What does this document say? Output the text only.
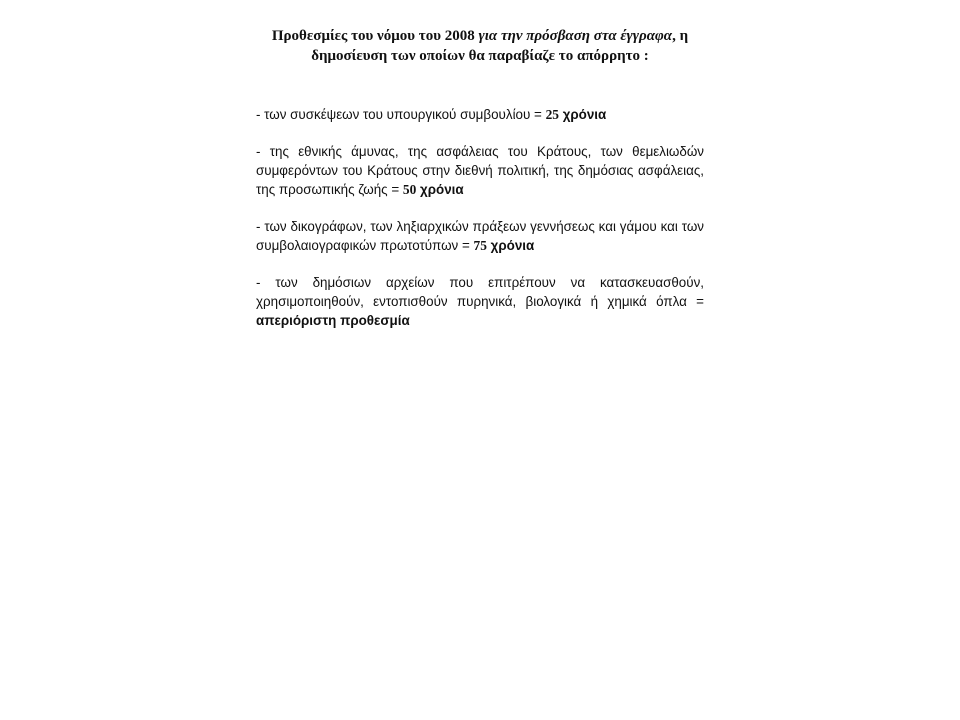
Προθεσμίες του νόμου του 2008 για την πρόσβαση στα έγγραφα, η δημοσίευση των οποίων θα παραβίαζε το απόρρητο :

- των συσκέψεων του υπουργικού συμβουλίου = 25 χρόνια

- της εθνικής άμυνας, της ασφάλειας του Κράτους, των θεμελιωδών συμφερόντων του Κράτους στην διεθνή πολιτική, της δημόσιας ασφάλειας, της προσωπικής ζωής = 50 χρόνια

- των δικογράφων, των ληξιαρχικών πράξεων γεννήσεως και γάμου και των συμβολαιογραφικών πρωτοτύπων = 75 χρόνια

- των δημόσιων αρχείων που επιτρέπουν να κατασκευασθούν, χρησιμοποιηθούν, εντοπισθούν πυρηνικά, βιολογικά ή χημικά όπλα = απεριόριστη προθεσμία
